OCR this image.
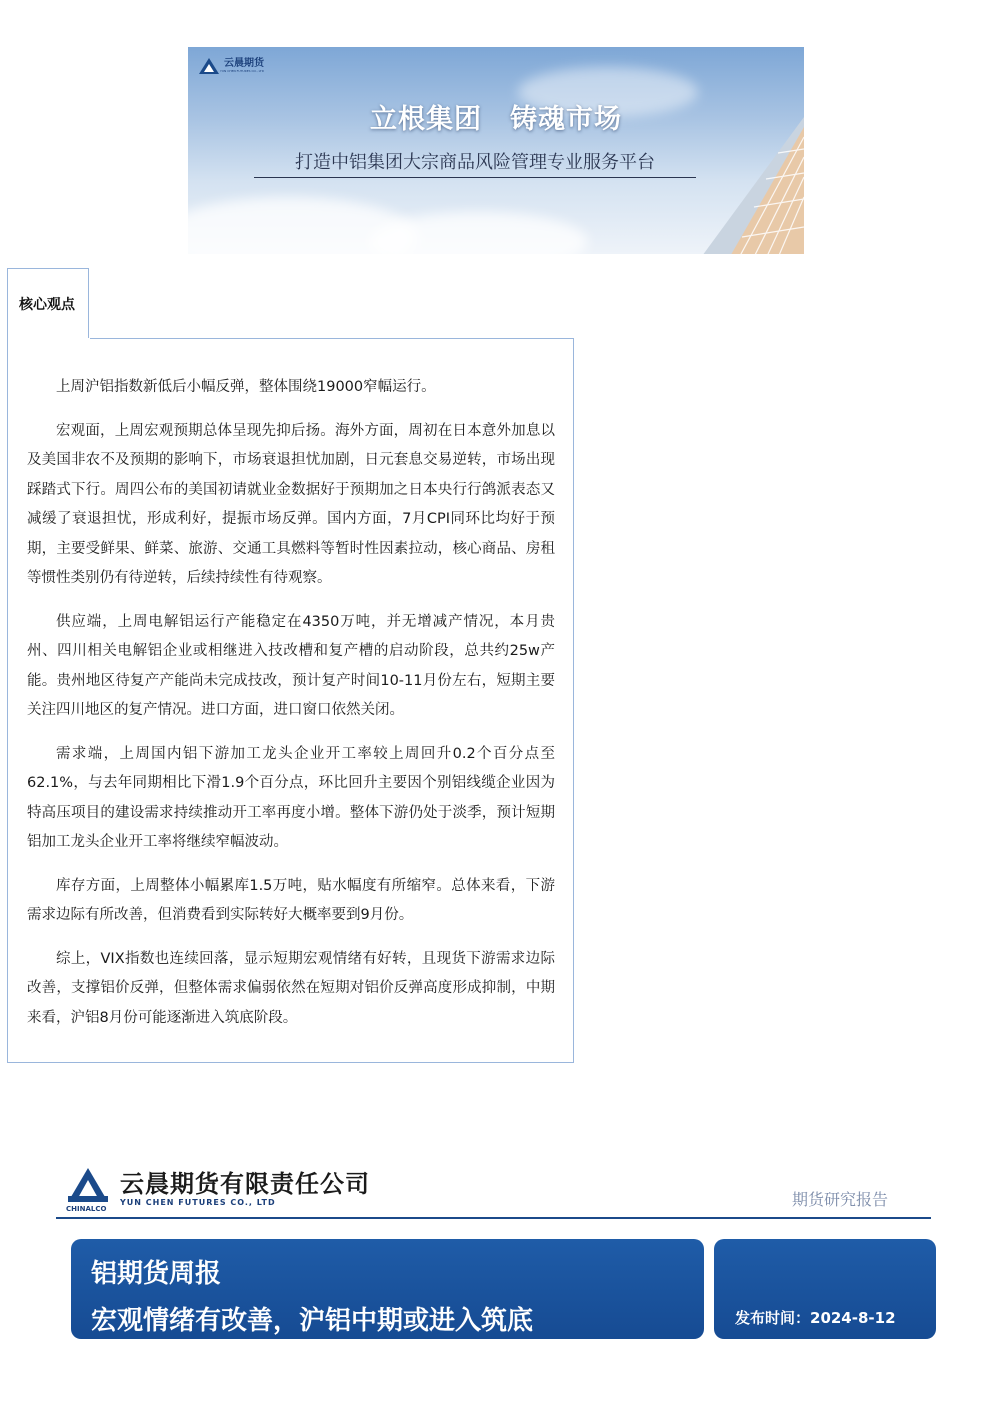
云晨期货
YUN CHEN FUTURES CO., LTD
立根集团 铸魂市场
打造中铝集团大宗商品风险管理专业服务平台
核心观点

上周沪铝指数新低后小幅反弹，整体围绕19000窄幅运行。

宏观面，上周宏观预期总体呈现先抑后扬。海外方面，周初在日本意外加息以及美国非农不及预期的影响下，市场衰退担忧加剧，日元套息交易逆转，市场出现踩踏式下行。周四公布的美国初请就业金数据好于预期加之日本央行行鸽派表态又减缓了衰退担忧，形成利好，提振市场反弹。国内方面，7月CPI同环比均好于预期，主要受鲜果、鲜菜、旅游、交通工具燃料等暂时性因素拉动，核心商品、房租等惯性类别仍有待逆转，后续持续性有待观察。

供应端，上周电解铝运行产能稳定在4350万吨，并无增减产情况，本月贵州、四川相关电解铝企业或相继进入技改槽和复产槽的启动阶段，总共约25w产能。贵州地区待复产产能尚未完成技改，预计复产时间10-11月份左右，短期主要关注四川地区的复产情况。进口方面，进口窗口依然关闭。

需求端，上周国内铝下游加工龙头企业开工率较上周回升0.2个百分点至62.1%，与去年同期相比下滑1.9个百分点，环比回升主要因个别铝线缆企业因为特高压项目的建设需求持续推动开工率再度小增。整体下游仍处于淡季，预计短期铝加工龙头企业开工率将继续窄幅波动。

库存方面，上周整体小幅累库1.5万吨，贴水幅度有所缩窄。总体来看，下游需求边际有所改善，但消费看到实际转好大概率要到9月份。

综上，VIX指数也连续回落，显示短期宏观情绪有好转，且现货下游需求边际改善，支撑铝价反弹，但整体需求偏弱依然在短期对铝价反弹高度形成抑制，中期来看，沪铝8月份可能逐渐进入筑底阶段。

云晨期货有限责任公司
YUN CHEN FUTURES CO., LTD
CHINALCO	期货研究报告
铝期货周报
宏观情绪有改善，沪铝中期或进入筑底	发布时间：2024-8-12
